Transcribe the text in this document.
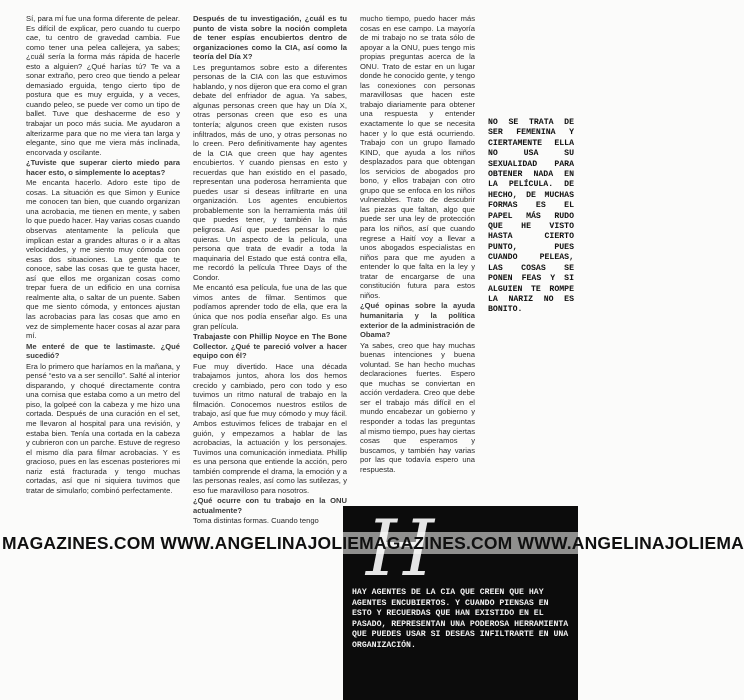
Sí, para mí fue una forma diferente de pelear. Es difícil de explicar, pero cuando tu cuerpo cae, tu centro de gravedad cambia. Fue como tener una pelea callejera, ya sabes; ¿cuál sería la forma más rápida de hacerle esto a alguien? ¿Qué harías tú? Te va a sonar extraño, pero creo que tiendo a pelear demasiado erguida, tengo cierto tipo de postura que es muy erguida, y a veces, cuando peleo, se puede ver como un tipo de ballet. Tuve que deshacerme de eso y trabajar un poco más sucia. Me ayudaron a alterizarme para que no me viera tan larga y elegante, sino que me viera más inclinada, encorvada y oscilante.

¿Tuviste que superar cierto miedo para hacer esto, o simplemente lo aceptas?

Me encanta hacerlo. Adoro este tipo de cosas. La situación es que Simon y Eunice me conocen tan bien, que cuando organizan una acrobacia, me tienen en mente, y saben lo que puedo hacer. Hay varias cosas cuando observas atentamente la película que implican estar a grandes alturas o ir a altas velocidades, y me siento muy cómoda con esas dos situaciones. La gente que te conoce, sabe las cosas que te gusta hacer, así que ellos me organizan cosas como trepar fuera de un edificio en una cornisa realmente alta, o saltar de un puente. Saben que me siento cómoda, y entonces ajustan las acrobacias para las cosas que amo en vez de simplemente hacer cosas al azar para mí.

Me enteré de que te lastimaste. ¿Qué sucedió?

Era lo primero que haríamos en la mañana, y pensé “esto va a ser sencillo”. Salté al interior disparando, y choqué directamente contra una cornisa que estaba como a un metro del piso, la golpeé con la cabeza y me hizo una cortada. Después de una curación en el set, me llevaron al hospital para una revisión, y estaba bien. Tenía una cortada en la cabeza y cubrieron con un parche. Estuve de regreso el mismo día para filmar acrobacias. Y es gracioso, pues en las escenas posteriores mi nariz está fracturada y tengo muchas cortadas, así que ni siquiera tuvimos que tratar de simularlo; combinó perfectamente.

Después de tu investigación, ¿cuál es tu punto de vista sobre la noción completa de tener espías encubiertos dentro de organizaciones como la CIA, así como la teoría del Día X?

Les preguntamos sobre esto a diferentes personas de la CIA con las que estuvimos hablando, y nos dijeron que era como el gran debate del enfriador de agua. Ya sabes, algunas personas creen que hay un Día X, otras personas creen que eso es una tontería; algunos creen que existen rusos infiltrados, más de uno, y otras personas no lo creen. Pero definitivamente hay agentes de la CIA que creen que hay agentes encubiertos. Y cuando piensas en esto y recuerdas que han existido en el pasado, representan una poderosa herramienta que puedes usar si deseas infiltrarte en una organización. Los agentes encubiertos probablemente son la herramienta más útil que puedes tener, y también la más peligrosa. Así que puedes pensar lo que quieras. Un aspecto de la película, una persona que trata de evadir a toda la maquinaria del Estado que está contra ella, me recordó la película Three Days of the Condor.

Me encantó esa película, fue una de las que vimos antes de filmar. Sentimos que podíamos aprender todo de ella, que era la única que nos podía enseñar algo. Es una gran película.

Trabajaste con Phillip Noyce en The Bone Collector. ¿Qué te pareció volver a hacer equipo con él?

Fue muy divertido. Hace una década trabajamos juntos, ahora los dos hemos crecido y cambiado, pero con todo y eso tuvimos un ritmo natural de trabajo en la filmación. Conocemos nuestros estilos de trabajo, así que fue muy cómodo y muy fácil. Ambos estuvimos felices de trabajar en el guión, y empezamos a hablar de las acrobacias, la actuación y los personajes. Tuvimos una comunicación inmediata. Phillip es una persona que entiende la acción, pero también comprende el drama, la emoción y a las personas reales, así como las sutilezas, y eso fue maravilloso para nosotros.

¿Qué ocurre con tu trabajo en la ONU actualmente?

Toma distintas formas. Cuando tengo

mucho tiempo, puedo hacer más cosas en ese campo. La mayoría de mi trabajo no se trata sólo de apoyar a la ONU, pues tengo mis propias preguntas acerca de la ONU. Trato de estar en un lugar donde he conocido gente, y tengo las conexiones con personas maravillosas que hacen este trabajo diariamente para obtener una respuesta y entender exactamente lo que se necesita hacer y lo que está ocurriendo. Trabajo con un grupo llamado KIND, que ayuda a los niños desplazados para que obtengan los servicios de abogados pro bono, y ellos trabajan con otro grupo que se enfoca en los niños vulnerables. Trato de descubrir las piezas que faltan, algo que puede ser una ley de protección para los niños, así que cuando regrese a Haití voy a llevar a unos abogados especialistas en niños para que me ayuden a entender lo que falta en la ley y tratar de encargarse de una constitución futura para estos niños.

¿Qué opinas sobre la ayuda humanitaria y la política exterior de la administración de Obama?

Ya sabes, creo que hay muchas buenas intenciones y buena voluntad. Se han hecho muchas declaraciones fuertes. Espero que muchas se conviertan en acción verdadera. Creo que debe ser el trabajo más difícil en el mundo encabezar un gobierno y responder a todas las preguntas al mismo tiempo, pues hay ciertas cosas que esperamos y buscamos, y también hay varias por las que todavía espero una respuesta.

NO SE TRATA DE SER FEMENINA Y CIERTAMENTE ELLA NO USA SU SEXUALIDAD PARA OBTENER NADA EN LA PELÍCULA. DE HECHO, DE MUCHAS FORMAS ES EL PAPEL MÁS RUDO QUE HE VISTO HASTA CIERTO PUNTO, PUES CUANDO PELEAS, LAS COSAS SE PONEN FEAS Y SI ALGUIEN TE ROMPE LA NARIZ NO ES BONITO.
HAY AGENTES DE LA CIA QUE CREEN QUE HAY AGENTES ENCUBIERTOS. Y CUANDO PIENSAS EN ESTO Y RECUERDAS QUE HAN EXISTIDO EN EL PASADO, REPRESENTAN UNA PODEROSA HERRAMIENTA QUE PUEDES USAR SI DESEAS INFILTRARTE EN UNA ORGANIZACIÓN.
MAGAZINES.COM WWW.ANGELINAJOLIEMAGAZINES.COM WWW.ANGELINAJOLIEMA
